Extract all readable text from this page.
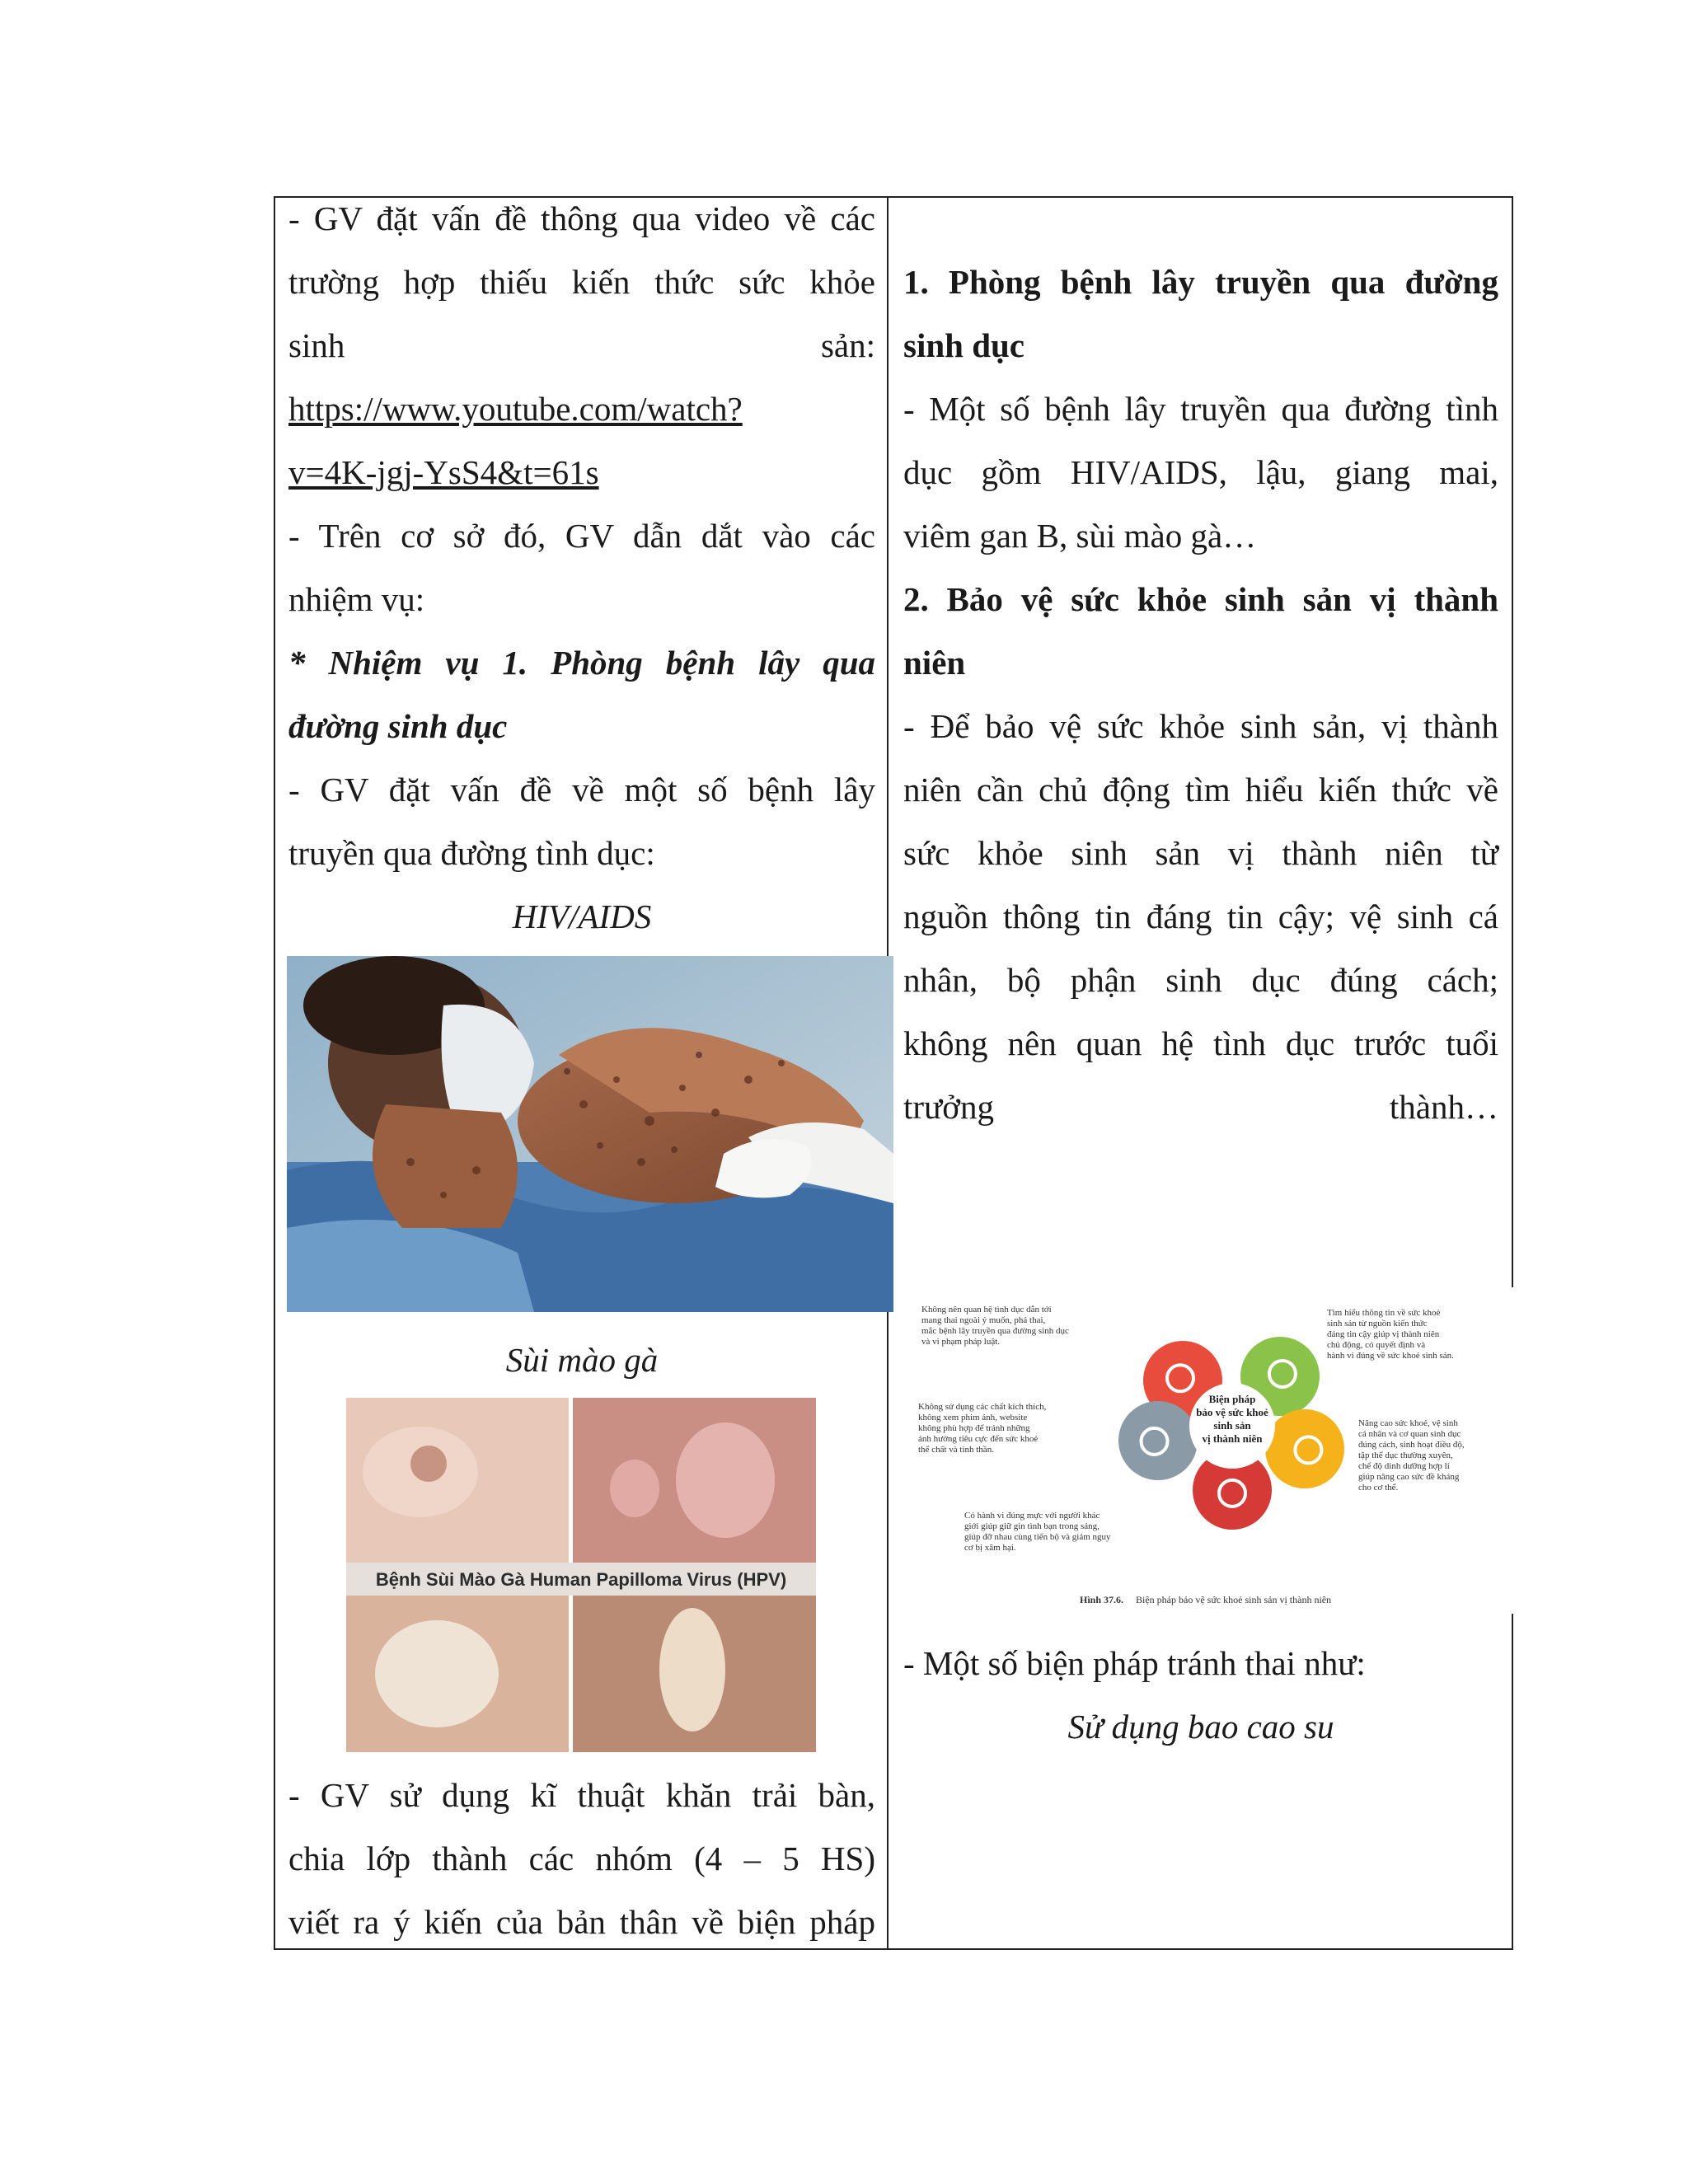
- GV đặt vấn đề thông qua video về các
trường hợp thiếu kiến thức sức khỏe
sinh	sản:
https://www.youtube.com/watch?
v=4K-jgj-YsS4&t=61s
- Trên cơ sở đó, GV dẫn dắt vào các
nhiệm vụ:
* Nhiệm vụ 1. Phòng bệnh lây qua
đường sinh dục
- GV đặt vấn đề về một số bệnh lây
truyền qua đường tình dục:
HIV/AIDS
Sùi mào gà
Bệnh Sùi Mào Gà Human Papilloma Virus (HPV)
- GV sử dụng kĩ thuật khăn trải bàn,
chia lớp thành các nhóm (4 – 5 HS)
viết ra ý kiến của bản thân về biện pháp
1. Phòng bệnh lây truyền qua đường
sinh dục
- Một số bệnh lây truyền qua đường tình
dục gồm HIV/AIDS, lậu, giang mai,
viêm gan B, sùi mào gà…
2. Bảo vệ sức khỏe sinh sản vị thành
niên
- Để bảo vệ sức khỏe sinh sản, vị thành
niên cần chủ động tìm hiểu kiến thức về
sức khỏe sinh sản vị thành niên từ
nguồn thông tin đáng tin cậy; vệ sinh cá
nhân, bộ phận sinh dục đúng cách;
không nên quan hệ tình dục trước tuổi
trưởng	thành…
Biện pháp
bảo vệ sức khoẻ
sinh sản
vị thành niên
Không nên quan hệ tình dục dẫn tới
mang thai ngoài ý muốn, phá thai,
mắc bệnh lây truyền qua đường sinh dục
và vi phạm pháp luật.
Tìm hiểu thông tin về sức khoẻ
sinh sản từ nguồn kiến thức
đáng tin cậy giúp vị thành niên
chủ động, có quyết định và
hành vi đúng về sức khoẻ sinh sản.
Không sử dụng các chất kích thích,
không xem phim ảnh, website
không phù hợp để tránh những
ảnh hưởng tiêu cực đến sức khoẻ
thể chất và tinh thần.
Nâng cao sức khoẻ, vệ sinh
cá nhân và cơ quan sinh dục
đúng cách, sinh hoạt điều độ,
tập thể dục thường xuyên,
chế độ dinh dưỡng hợp lí
giúp nâng cao sức đề kháng
cho cơ thể.
Có hành vi đúng mực với người khác
giới giúp giữ gìn tình bạn trong sáng,
giúp đỡ nhau cùng tiến bộ và giảm nguy
cơ bị xâm hại.
Hình 37.6. Biện pháp bảo vệ sức khoẻ sinh sản vị thành niên
- Một số biện pháp tránh thai như:
Sử dụng bao cao su
